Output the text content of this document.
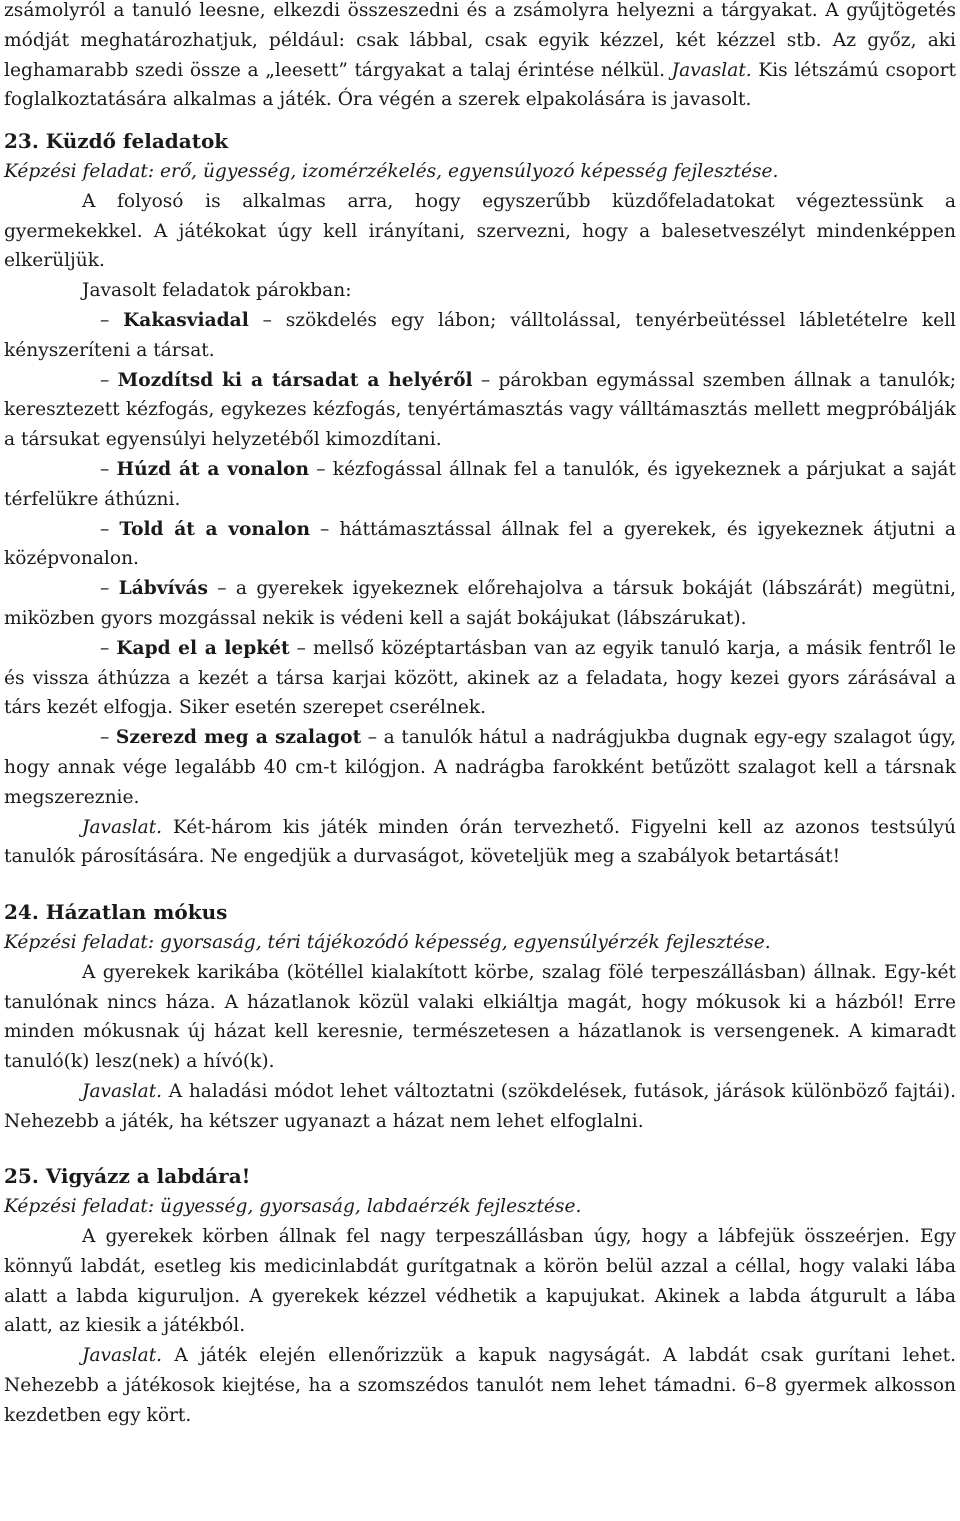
zsámolyról a tanuló leesne, elkezdi összeszedni és a zsámolyra helyezni a tárgyakat. A gyűjtögetés módját meghatározhatjuk, például: csak lábbal, csak egyik kézzel, két kézzel stb. Az győz, aki leghamarabb szedi össze a „leesett” tárgyakat a talaj érintése nélkül. Javaslat. Kis létszámú csoport foglalkoztatására alkalmas a játék. Óra végén a szerek elpakolására is javasolt.

23. Küzdő feladatok

Képzési feladat: erő, ügyesség, izomérzékelés, egyensúlyozó képesség fejlesztése.

A folyosó is alkalmas arra, hogy egyszerűbb küzdőfeladatokat végeztessünk a gyermekekkel. A játékokat úgy kell irányítani, szervezni, hogy a balesetveszélyt mindenképpen elkerüljük.

Javasolt feladatok párokban:

– Kakasviadal – szökdelés egy lábon; válltolással, tenyérbeütéssel lábletételre kell kényszeríteni a társat.

– Mozdítsd ki a társadat a helyéről – párokban egymással szemben állnak a tanulók; keresztezett kézfogás, egykezes kézfogás, tenyértámasztás vagy válltámasztás mellett megpróbálják a társukat egyensúlyi helyzetéből kimozdítani.

– Húzd át a vonalon – kézfogással állnak fel a tanulók, és igyekeznek a párjukat a saját térfelükre áthúzni.

– Told át a vonalon – háttámasztással állnak fel a gyerekek, és igyekeznek átjutni a középvonalon.

– Lábvívás – a gyerekek igyekeznek előrehajolva a társuk bokáját (lábszárát) megütni, miközben gyors mozgással nekik is védeni kell a saját bokájukat (lábszárukat).

– Kapd el a lepkét – mellső középtartásban van az egyik tanuló karja, a másik fentről le és vissza áthúzza a kezét a társa karjai között, akinek az a feladata, hogy kezei gyors zárásával a társ kezét elfogja. Siker esetén szerepet cserélnek.

– Szerezd meg a szalagot – a tanulók hátul a nadrágjukba dugnak egy-egy szalagot úgy, hogy annak vége legalább 40 cm-t kilógjon. A nadrágba farokként betűzött szalagot kell a társnak megszereznie.

Javaslat. Két-három kis játék minden órán tervezhető. Figyelni kell az azonos testsúlyú tanulók párosítására. Ne engedjük a durvaságot, követeljük meg a szabályok betartását!

24. Házatlan mókus

Képzési feladat: gyorsaság, téri tájékozódó képesség, egyensúlyérzék fejlesztése.

A gyerekek karikába (kötéllel kialakított körbe, szalag fölé terpeszállásban) állnak. Egy-két tanulónak nincs háza. A házatlanok közül valaki elkiáltja magát, hogy mókusok ki a házból! Erre minden mókusnak új házat kell keresnie, természetesen a házatlanok is versengenek. A kimaradt tanuló(k) lesz(nek) a hívó(k).

Javaslat. A haladási módot lehet változtatni (szökdelések, futások, járások különböző fajtái). Nehezebb a játék, ha kétszer ugyanazt a házat nem lehet elfoglalni.

25. Vigyázz a labdára!

Képzési feladat: ügyesség, gyorsaság, labdaérzék fejlesztése.

A gyerekek körben állnak fel nagy terpeszállásban úgy, hogy a lábfejük összeérjen. Egy könnyű labdát, esetleg kis medicinlabdát gurítgatnak a körön belül azzal a céllal, hogy valaki lába alatt a labda kiguruljon. A gyerekek kézzel védhetik a kapujukat. Akinek a labda átgurult a lába alatt, az kiesik a játékból.

Javaslat. A játék elején ellenőrizzük a kapuk nagyságát. A labdát csak gurítani lehet. Nehezebb a játékosok kiejtése, ha a szomszédos tanulót nem lehet támadni. 6–8 gyermek alkosson kezdetben egy kört.
